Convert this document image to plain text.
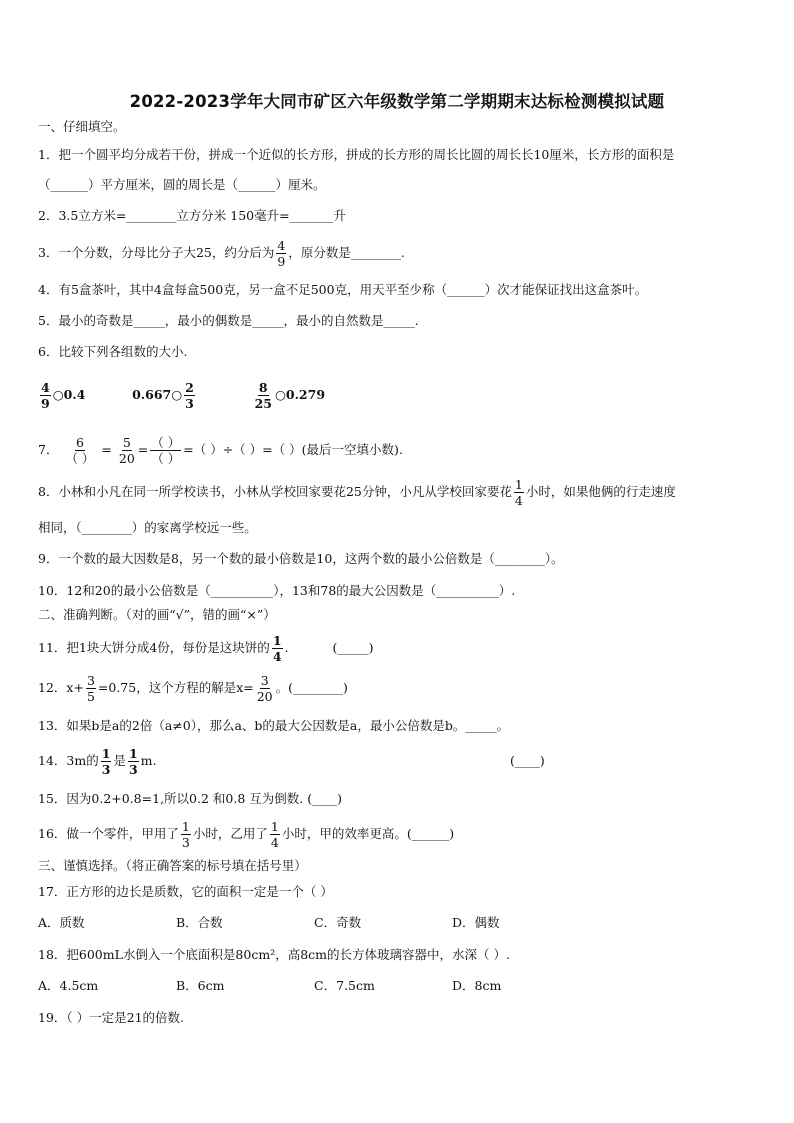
2022-2023学年大同市矿区六年级数学第二学期期末达标检测模拟试题
一、仔细填空。
1．把一个圆平均分成若干份，拼成一个近似的长方形，拼成的长方形的周长比圆的周长长10厘米，长方形的面积是
（______）平方厘米，圆的周长是（______）厘米。
2．3.5立方米=________立方分米 150毫升=_______升
3．一个分数，分母比分子大25，约分后为 $\frac{4}{9}$ ，原分数是________.
4．有5盒茶叶，其中4盒每盒500克，另一盒不足500克，用天平至少称（______）次才能保证找出这盒茶叶。
5．最小的奇数是_____，最小的偶数是_____，最小的自然数是_____.
6．比较下列各组数的大小.
$\frac{4}{9}$ ○0.4	0.667○ $\frac{2}{3}$
	$\frac{8}{25}$ ○0.279
7． $\frac{6}{( )} = \frac{5}{20} = \frac{( )}{( )}$ =（ ）÷（ ）=（ ）(最后一空填小数).
8．小林和小凡在同一所学校读书，小林从学校回家要花25分钟，小凡从学校回家要花 $\frac{1}{4}$ 小时，如果他俩的行走速度
相同，（________）的家离学校远一些。
9．一个数的最大因数是8，另一个数的最小倍数是10，这两个数的最小公倍数是（________）。
10．12和20的最小公倍数是（__________），13和78的最大公因数是（__________）.
二、准确判断。（对的画“√”，错的画“×”）
11．把1块大饼分成4份，每份是这块饼的 $\frac{1}{4}$ .	(_____)
12．$x+ \frac{3}{5} =0.75$，这个方程的解是$x= \frac{3}{20}$ 。(________)
13．如果b是a的2倍（a≠0），那么a、b的最大公因数是a，最小公倍数是b。_____。
14．3m的 $\frac{1}{3}$ 是 $\frac{1}{3} m$.	(____)
15．因为0.2+0.8=1,所以0.2 和0.8 互为倒数. (____)
16．做一个零件，甲用了 $\frac{1}{3}$ 小时，乙用了 $\frac{1}{4}$ 小时，甲的效率更高。(______)
三、谨慎选择。（将正确答案的标号填在括号里）
17．正方形的边长是质数，它的面积一定是一个（ ）
A．质数	B．合数	C．奇数	D．偶数
18．把600mL水倒入一个底面积是80cm²，高8cm的长方体玻璃容器中，水深（ ）.
A．4.5cm	B．6cm	C．7.5cm	D．8cm
19．（ ）一定是21的倍数.
